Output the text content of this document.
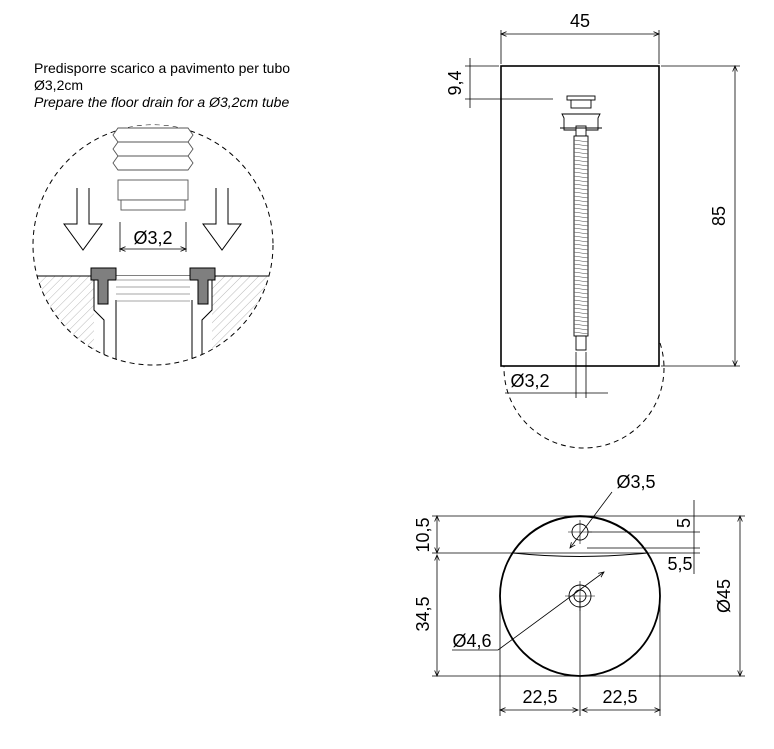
Predisporre scarico a pavimento per tubo Ø3,2cm
Prepare the floor drain for a Ø3,2cm tube
Ø3,2
45
85
9,4
Ø3,2
10,5
34,5
5
5,5
Ø45
Ø3,5
Ø4,6
22,5 22,5
